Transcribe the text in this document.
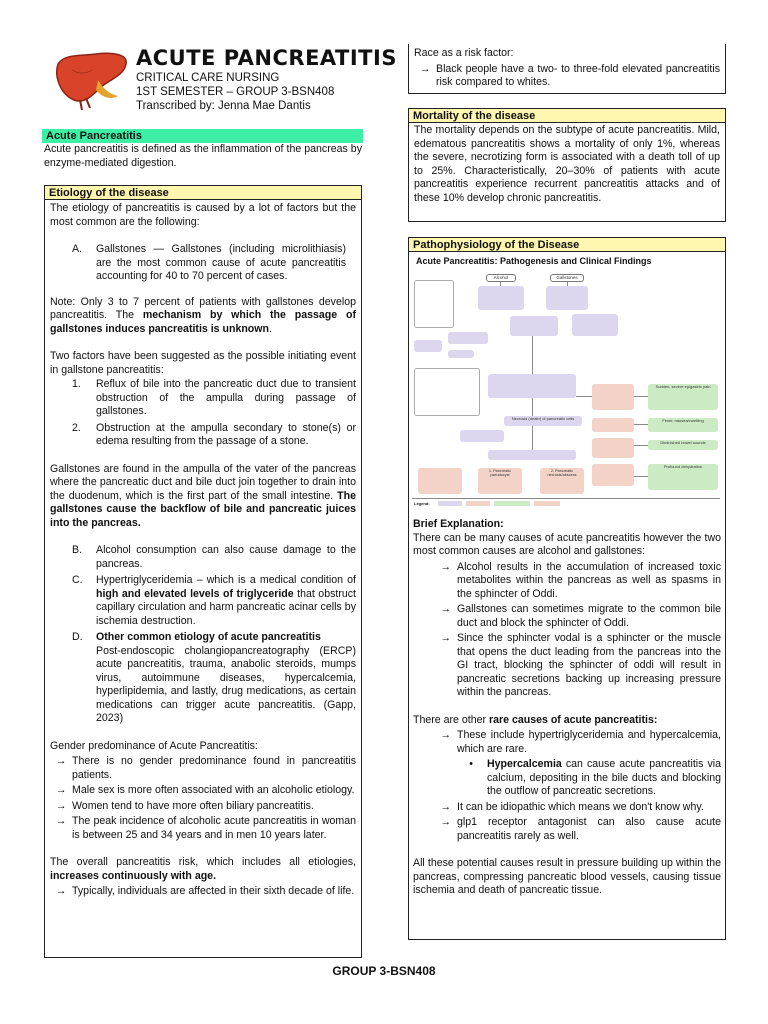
ACUTE PANCREATITIS
CRITICAL CARE NURSING
1ST SEMESTER – GROUP 3-BSN408
Transcribed by: Jenna Mae Dantis
Acute Pancreatitis
Acute pancreatitis is defined as the inflammation of the pancreas by enzyme-mediated digestion.
Etiology of the disease

The etiology of pancreatitis is caused by a lot of factors but the most common are the following:

A.	Gallstones — Gallstones (including microlithiasis) are the most common cause of acute pancreatitis accounting for 40 to 70 percent of cases.

Note: Only 3 to 7 percent of patients with gallstones develop pancreatitis. The mechanism by which the passage of gallstones induces pancreatitis is unknown.

Two factors have been suggested as the possible initiating event in gallstone pancreatitis:

1.	Reflux of bile into the pancreatic duct due to transient obstruction of the ampulla during passage of gallstones.
2.	Obstruction at the ampulla secondary to stone(s) or edema resulting from the passage of a stone.

Gallstones are found in the ampulla of the vater of the pancreas where the pancreatic duct and bile duct join together to drain into the duodenum, which is the first part of the small intestine. The gallstones cause the backflow of bile and pancreatic juices into the pancreas.

B.	Alcohol consumption can also cause damage to the pancreas.
C.	Hypertriglyceridemia – which is a medical condition of high and elevated levels of triglyceride that obstruct capillary circulation and harm pancreatic acinar cells by ischemia destruction.
D.	Other common etiology of acute pancreatitis
Post-endoscopic cholangiopancreatography (ERCP) acute pancreatitis, trauma, anabolic steroids, mumps virus, autoimmune diseases, hypercalcemia, hyperlipidemia, and lastly, drug medications, as certain medications can trigger acute pancreatitis. (Gapp, 2023)

Gender predominance of Acute Pancreatitis:

→ There is no gender predominance found in pancreatitis patients.
→ Male sex is more often associated with an alcoholic etiology.
→ Women tend to have more often biliary pancreatitis.
→ The peak incidence of alcoholic acute pancreatitis in woman is between 25 and 34 years and in men 10 years later.

The overall pancreatitis risk, which includes all etiologies, increases continuously with age.

→ Typically, individuals are affected in their sixth decade of life.

Race as a risk factor:

→ Black people have a two- to three-fold elevated pancreatitis risk compared to whites.
Mortality of the disease

The mortality depends on the subtype of acute pancreatitis. Mild, edematous pancreatitis shows a mortality of only 1%, whereas the severe, necrotizing form is associated with a death toll of up to 25%. Characteristically, 20–30% of patients with acute pancreatitis experience recurrent pancreatitis attacks and of these 10% develop chronic pancreatitis.

Pathophysiology of the Disease
Acute Pancreatitis: Pathogenesis and Clinical Findings
Alcohol	Gallstones
Necrosis (death) of pancreatic cells
Sudden, severe epigastric pain
Fever, nausea/vomiting
Diminished bowel sounds
Profound dehydration
1. Pancreatic pseudocyst
2. Pancreatic necrosis/abscess
Legend:

Brief Explanation:

There can be many causes of acute pancreatitis however the two most common causes are alcohol and gallstones:

→ Alcohol results in the accumulation of increased toxic metabolites within the pancreas as well as spasms in the sphincter of Oddi.
→ Gallstones can sometimes migrate to the common bile duct and block the sphincter of Oddi.
→ Since the sphincter vodal is a sphincter or the muscle that opens the duct leading from the pancreas into the GI tract, blocking the sphincter of oddi will result in pancreatic secretions backing up increasing pressure within the pancreas.

There are other rare causes of acute pancreatitis:

→ These include hypertriglyceridemia and hypercalcemia, which are rare.
•	Hypercalcemia can cause acute pancreatitis via calcium, depositing in the bile ducts and blocking the outflow of pancreatic secretions.
→ It can be idiopathic which means we don't know why.
→ glp1 receptor antagonist can also cause acute pancreatitis rarely as well.

All these potential causes result in pressure building up within the pancreas, compressing pancreatic blood vessels, causing tissue ischemia and death of pancreatic tissue.

GROUP 3-BSN408
